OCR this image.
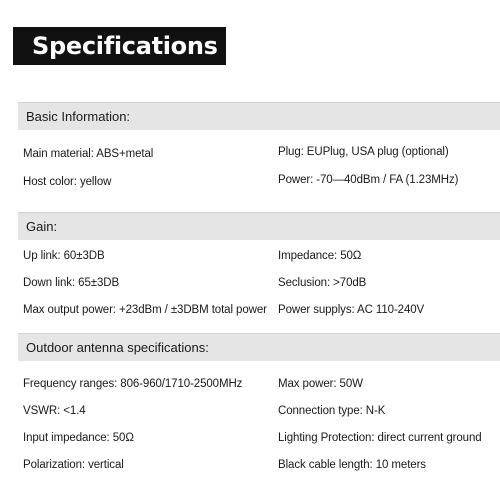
Specifications
Basic Information:
Main material: ABS+metal
Host color: yellow
Plug: EUPlug, USA plug (optional)
Power: -70—40dBm / FA (1.23MHz)
Gain:
Up link: 60±3DB
Down link: 65±3DB
Max output power: +23dBm / ±3DBM total power
Impedance: 50Ω
Seclusion: >70dB
Power supplys: AC 110-240V
Outdoor antenna specifications:
Frequency ranges: 806-960/1710-2500MHz
VSWR: <1.4
Input impedance: 50Ω
Polarization: vertical
Max power: 50W
Connection type: N-K
Lighting Protection: direct current ground
Black cable length: 10 meters
